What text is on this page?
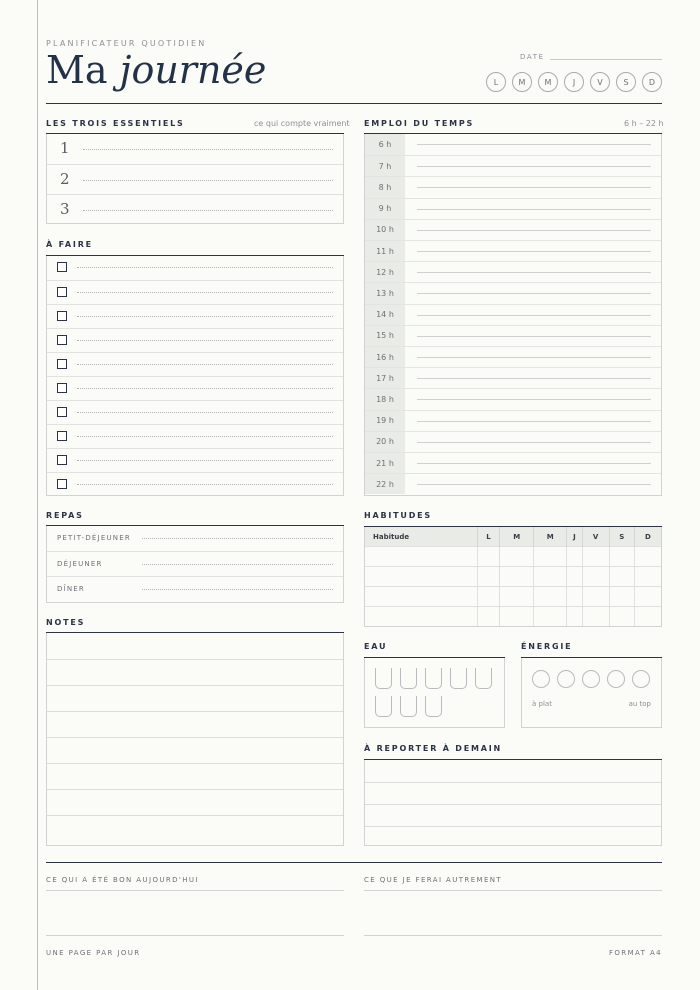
PLANIFICATEUR QUOTIDIEN
Ma journée	DATE
L	M	M	J	V	S	D
LES TROIS ESSENTIELS	ce qui compte vraiment
1
2
3
À FAIRE
EMPLOI DU TEMPS	6 h – 22 h
6 h
7 h
8 h
9 h
10 h
11 h
12 h
13 h
14 h
15 h
16 h
17 h
18 h
19 h
20 h
21 h
22 h
REPAS
PETIT-DÉJEUNER
DÉJEUNER
DÎNER
NOTES
HABITUDES
Habitude	L	M	M	J	V	S	D

EAU	ÉNERGIE
à plat	au top
À REPORTER À DEMAIN
CE QUI A ÉTÉ BON AUJOURD'HUI	CE QUE JE FERAI AUTREMENT
UNE PAGE PAR JOUR	FORMAT A4
